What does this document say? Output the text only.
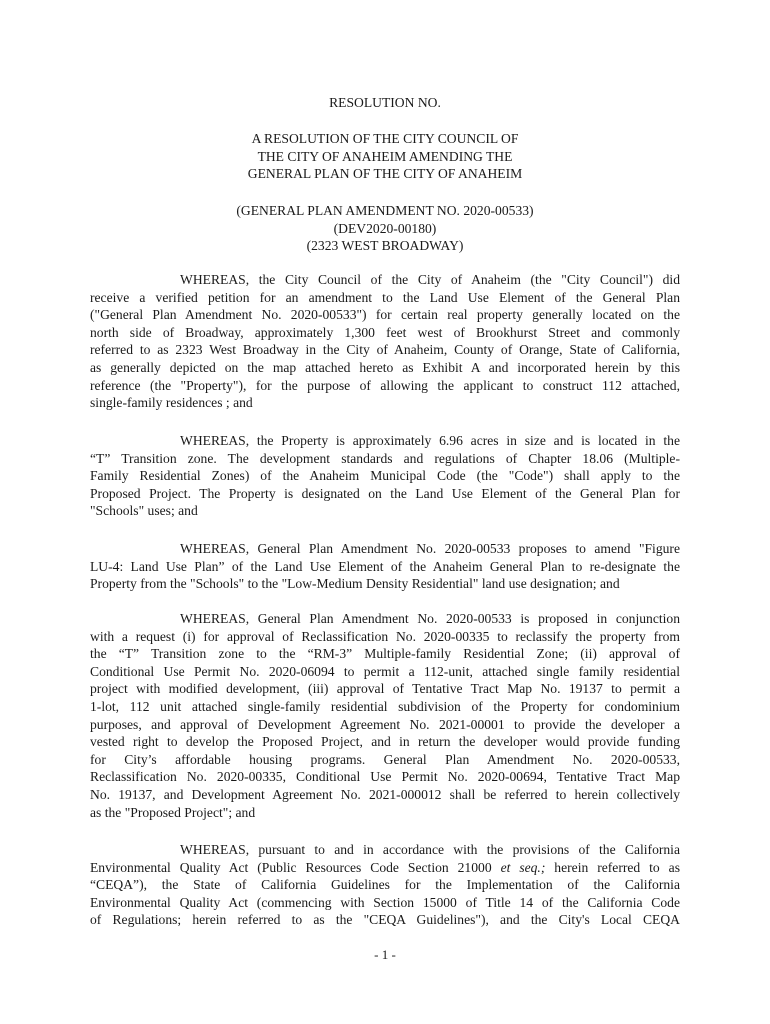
RESOLUTION NO.
A RESOLUTION OF THE CITY COUNCIL OF
THE CITY OF ANAHEIM AMENDING THE
GENERAL PLAN OF THE CITY OF ANAHEIM
(GENERAL PLAN AMENDMENT NO. 2020-00533)
(DEV2020-00180)
(2323 WEST BROADWAY)
WHEREAS, the City Council of the City of Anaheim (the "City Council") did
receive a verified petition for an amendment to the Land Use Element of the General Plan
("General Plan Amendment No. 2020-00533") for certain real property generally located on the
north side of Broadway, approximately 1,300 feet west of Brookhurst Street and commonly
referred to as 2323 West Broadway in the City of Anaheim, County of Orange, State of California,
as generally depicted on the map attached hereto as Exhibit A and incorporated herein by this
reference (the "Property"), for the purpose of allowing the applicant to construct 112 attached,
single-family residences ; and
WHEREAS, the Property is approximately 6.96 acres in size and is located in the
“T” Transition zone. The development standards and regulations of Chapter 18.06 (Multiple-
Family Residential Zones) of the Anaheim Municipal Code (the "Code") shall apply to the
Proposed Project. The Property is designated on the Land Use Element of the General Plan for
"Schools" uses; and
WHEREAS, General Plan Amendment No. 2020-00533 proposes to amend "Figure
LU-4: Land Use Plan” of the Land Use Element of the Anaheim General Plan to re-designate the
Property from the "Schools" to the "Low-Medium Density Residential" land use designation; and
WHEREAS, General Plan Amendment No. 2020-00533 is proposed in conjunction
with a request (i) for approval of Reclassification No. 2020-00335 to reclassify the property from
the “T” Transition zone to the “RM-3” Multiple-family Residential Zone; (ii) approval of
Conditional Use Permit No. 2020-06094 to permit a 112-unit, attached single family residential
project with modified development, (iii) approval of Tentative Tract Map No. 19137 to permit a
1-lot, 112 unit attached single-family residential subdivision of the Property for condominium
purposes, and approval of Development Agreement No. 2021-00001 to provide the developer a
vested right to develop the Proposed Project, and in return the developer would provide funding
for City’s affordable housing programs. General Plan Amendment No. 2020-00533,
Reclassification No. 2020-00335, Conditional Use Permit No. 2020-00694, Tentative Tract Map
No. 19137, and Development Agreement No. 2021-000012 shall be referred to herein collectively
as the "Proposed Project"; and
WHEREAS, pursuant to and in accordance with the provisions of the California
Environmental Quality Act (Public Resources Code Section 21000 et seq.; herein referred to as
“CEQA”), the State of California Guidelines for the Implementation of the California
Environmental Quality Act (commencing with Section 15000 of Title 14 of the California Code
of Regulations; herein referred to as the "CEQA Guidelines"), and the City's Local CEQA
- 1 -
